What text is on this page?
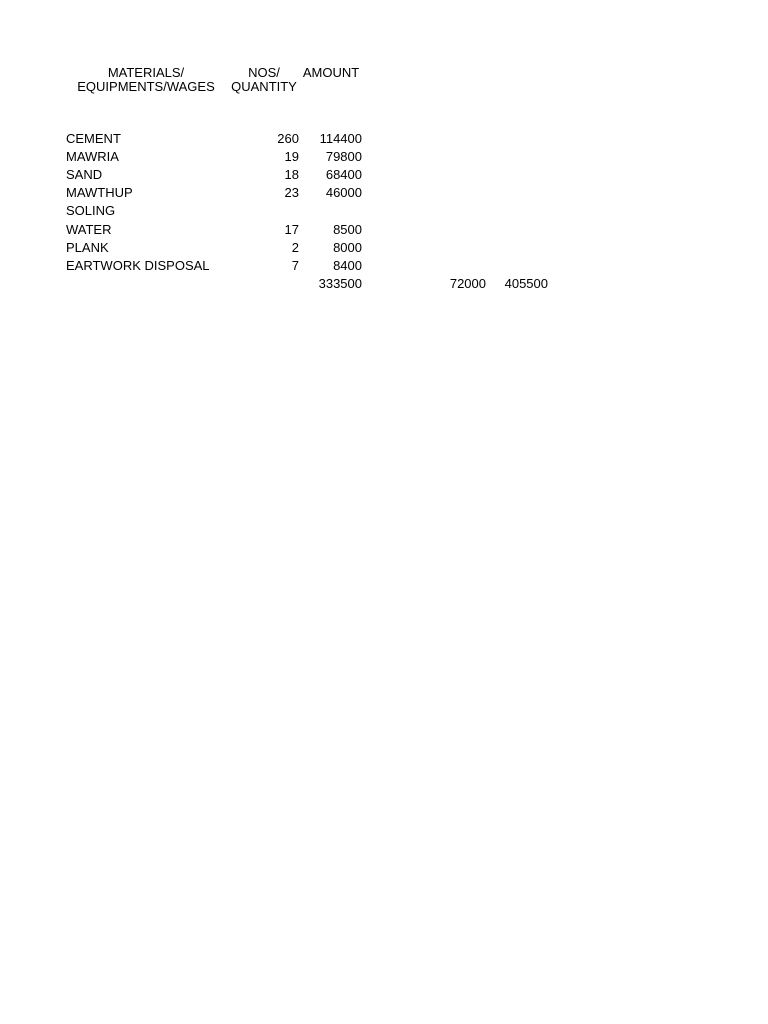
MATERIALS/
EQUIPMENTS/WAGES
NOS/
QUANTITY
AMOUNT
CEMENT	260 114400
MAWRIA	19 79800
SAND	18 68400
MAWTHUP	23 46000
SOLING
WATER	17	8500
PLANK	2	8000
EARTWORK DISPOSAL	7	8400
333500	72000 405500
